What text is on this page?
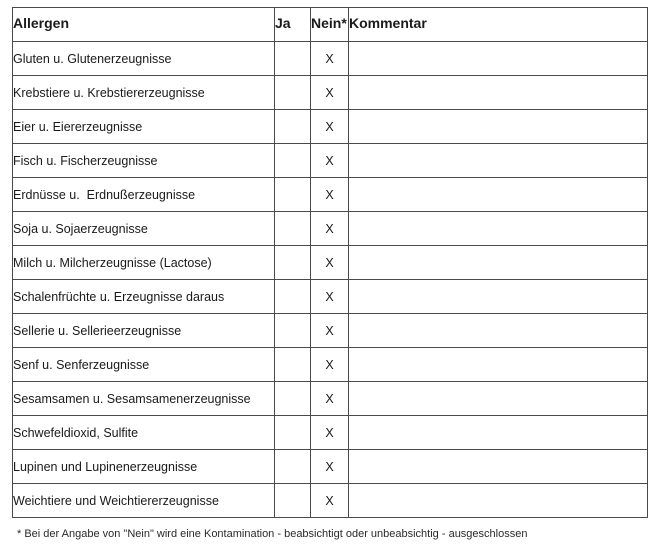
Allergen	Ja	Nein*	Kommentar
Gluten u. Glutenerzeugnisse		X	
Krebstiere u. Krebstiererzeugnisse		X	
Eier u. Eiererzeugnisse		X	
Fisch u. Fischerzeugnisse		X	
Erdnüsse u.  Erdnußerzeugnisse		X	
Soja u. Sojaerzeugnisse		X	
Milch u. Milcherzeugnisse (Lactose)		X	
Schalenfrüchte u. Erzeugnisse daraus		X	
Sellerie u. Sellerieerzeugnisse		X	
Senf u. Senferzeugnisse		X	
Sesamsamen u. Sesamsamenerzeugnisse		X	
Schwefeldioxid, Sulfite		X	
Lupinen und Lupinenerzeugnisse		X	
Weichtiere und Weichtiererzeugnisse		X	
* Bei der Angabe von "Nein" wird eine Kontamination - beabsichtigt oder unbeabsichtig - ausgeschlossen
